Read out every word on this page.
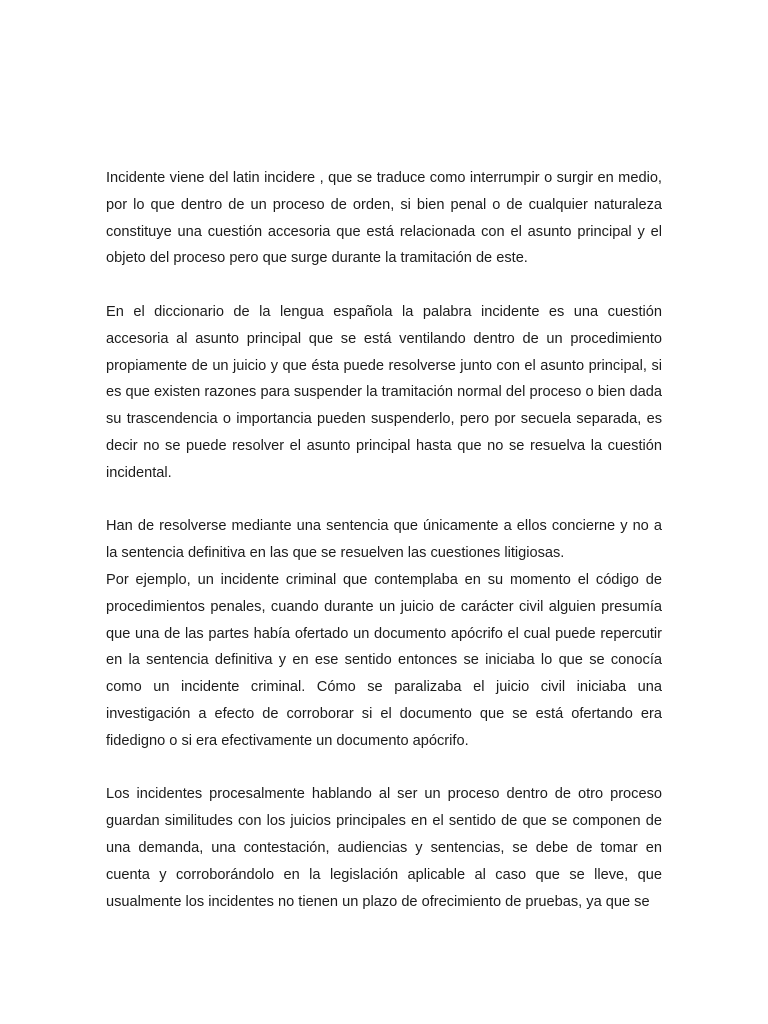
Incidente viene del latin incidere , que se traduce como interrumpir o surgir en medio, por lo que dentro de un proceso de orden, si bien penal o de cualquier naturaleza constituye una cuestión accesoria que está relacionada con el asunto principal y el objeto del proceso pero que surge durante la tramitación de este.

En el diccionario de la lengua española la palabra incidente es una cuestión accesoria al asunto principal que se está ventilando dentro de un procedimiento propiamente de un juicio y que ésta puede resolverse junto con el asunto principal, si es que existen razones para suspender la tramitación normal del proceso o bien dada su trascendencia o importancia pueden suspenderlo, pero por secuela separada, es decir no se puede resolver el asunto principal hasta que no se resuelva la cuestión incidental.

Han de resolverse mediante una sentencia que únicamente a ellos concierne y no a la sentencia definitiva en las que se resuelven las cuestiones litigiosas.

Por ejemplo, un incidente criminal que contemplaba en su momento el código de procedimientos penales, cuando durante un juicio de carácter civil alguien presumía que una de las partes había ofertado un documento apócrifo el cual puede repercutir en la sentencia definitiva y en ese sentido entonces se iniciaba lo que se conocía como un incidente criminal. Cómo se paralizaba el juicio civil iniciaba una investigación a efecto de corroborar si el documento que se está ofertando era fidedigno o si era efectivamente un documento apócrifo.

Los incidentes procesalmente hablando al ser un proceso dentro de otro proceso guardan similitudes con los juicios principales en el sentido de que se componen de una demanda, una contestación, audiencias y sentencias, se debe de tomar en cuenta y corroborándolo en la legislación aplicable al caso que se lleve, que usualmente los incidentes no tienen un plazo de ofrecimiento de pruebas, ya que se
